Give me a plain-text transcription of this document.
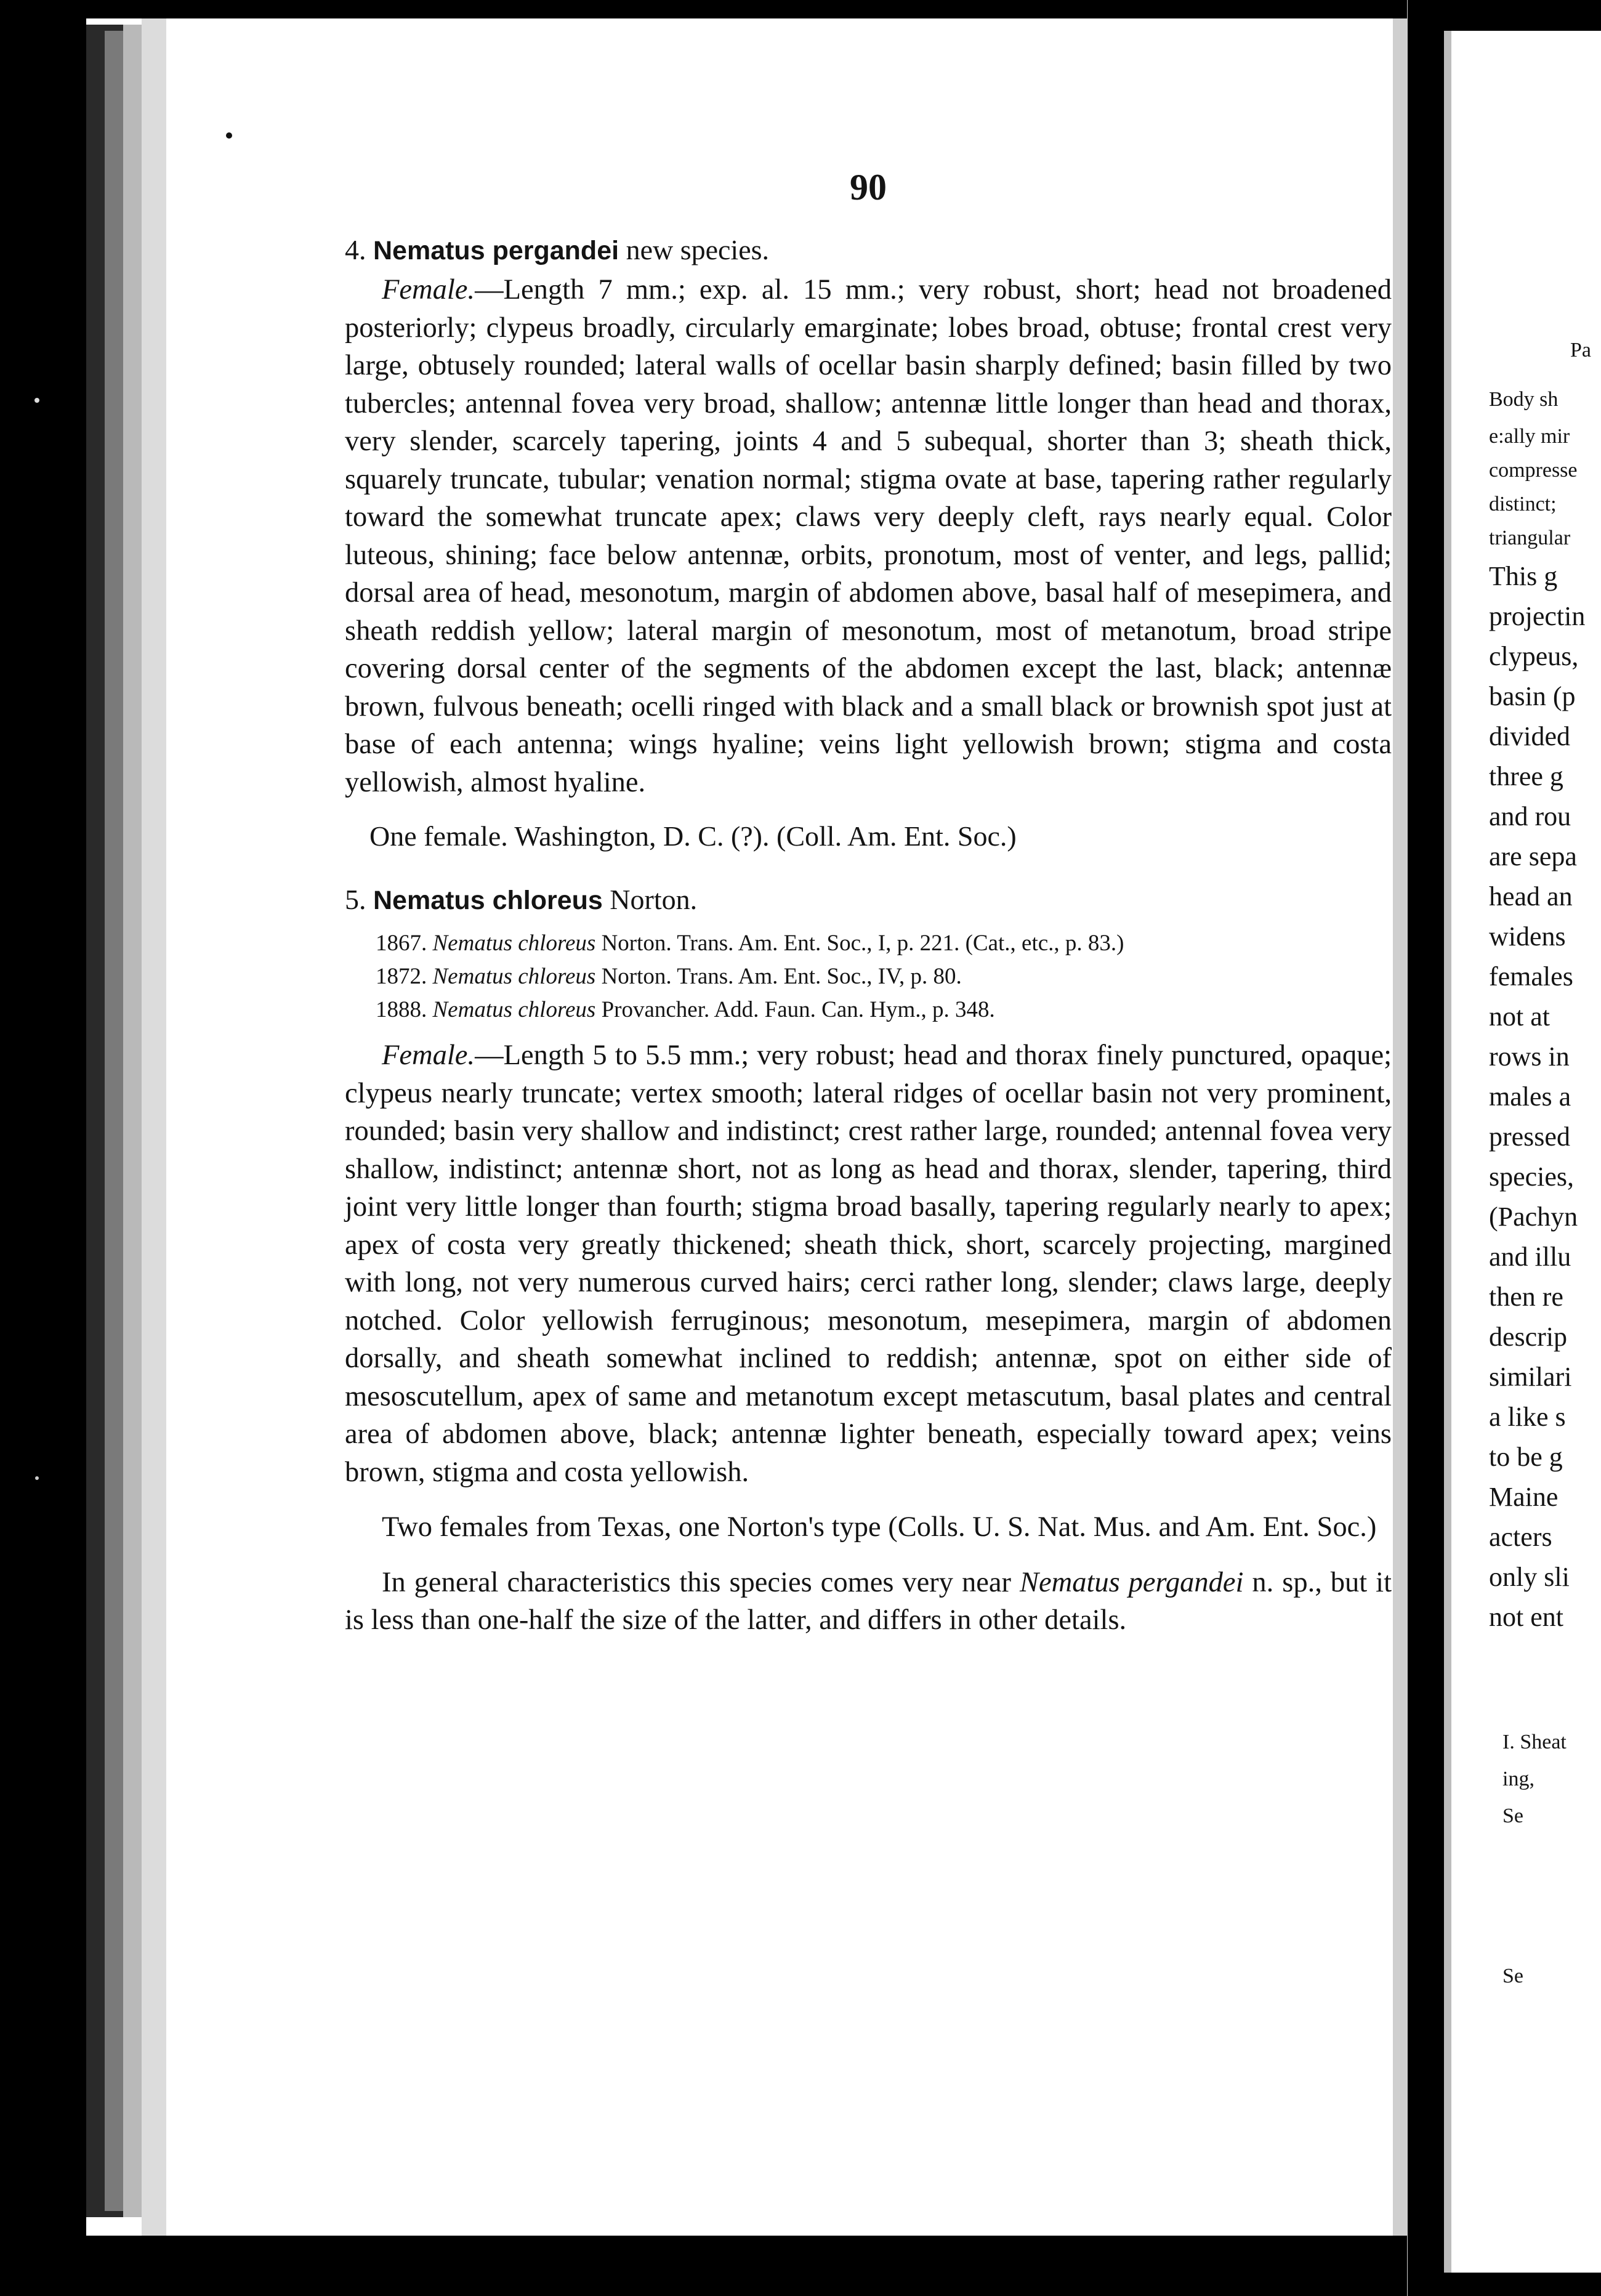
90
4. Nematus pergandei new species.

Female.—Length 7 mm.; exp. al. 15 mm.; very robust, short; head not broadened posteriorly; clypeus broadly, circularly emarginate; lobes broad, obtuse; frontal crest very large, obtusely rounded; lateral walls of ocellar basin sharply defined; basin filled by two tubercles; antennal fovea very broad, shallow; antennæ little longer than head and thorax, very slender, scarcely tapering, joints 4 and 5 subequal, shorter than 3; sheath thick, squarely truncate, tubular; venation normal; stigma ovate at base, tapering rather regularly toward the somewhat truncate apex; claws very deeply cleft, rays nearly equal. Color luteous, shining; face below antennæ, orbits, pronotum, most of venter, and legs, pallid; dorsal area of head, mesonotum, margin of abdomen above, basal half of mesepimera, and sheath reddish yellow; lateral margin of mesonotum, most of metanotum, broad stripe covering dorsal center of the segments of the abdomen except the last, black; antennæ brown, fulvous beneath; ocelli ringed with black and a small black or brownish spot just at base of each antenna; wings hyaline; veins light yellowish brown; stigma and costa yellowish, almost hyaline.

One female. Washington, D. C. (?). (Coll. Am. Ent. Soc.)
5. Nematus chloreus Norton.
1867. Nematus chloreus Norton. Trans. Am. Ent. Soc., I, p. 221. (Cat., etc., p. 83.)
1872. Nematus chloreus Norton. Trans. Am. Ent. Soc., IV, p. 80.
1888. Nematus chloreus Provancher. Add. Faun. Can. Hym., p. 348.

Female.—Length 5 to 5.5 mm.; very robust; head and thorax finely punctured, opaque; clypeus nearly truncate; vertex smooth; lateral ridges of ocellar basin not very prominent, rounded; basin very shallow and indistinct; crest rather large, rounded; antennal fovea very shallow, indistinct; antennæ short, not as long as head and thorax, slender, tapering, third joint very little longer than fourth; stigma broad basally, tapering regularly nearly to apex; apex of costa very greatly thickened; sheath thick, short, scarcely projecting, margined with long, not very numerous curved hairs; cerci rather long, slender; claws large, deeply notched. Color yellowish ferruginous; mesonotum, mesepimera, margin of abdomen dorsally, and sheath somewhat inclined to reddish; antennæ, spot on either side of mesoscutellum, apex of same and metanotum except metascutum, basal plates and central area of abdomen above, black; antennæ lighter beneath, especially toward apex; veins brown, stigma and costa yellowish.

Two females from Texas, one Norton's type (Colls. U. S. Nat. Mus. and Am. Ent. Soc.)

In general characteristics this species comes very near Nematus pergandei n. sp., but it is less than one-half the size of the latter, and differs in other details.

Pa
Body sh
e:ally mir
compresse
distinct;
triangular
This g
projectin
clypeus,
basin (p
divided
three g
and rou
are sepa
head an
widens
females
not at
rows in
males a
pressed
species,
(Pachyn
and illu
then re
descrip
similari
a like s
to be g
Maine
acters
only sli
not ent
I. Sheat
ing,
Se
Se
